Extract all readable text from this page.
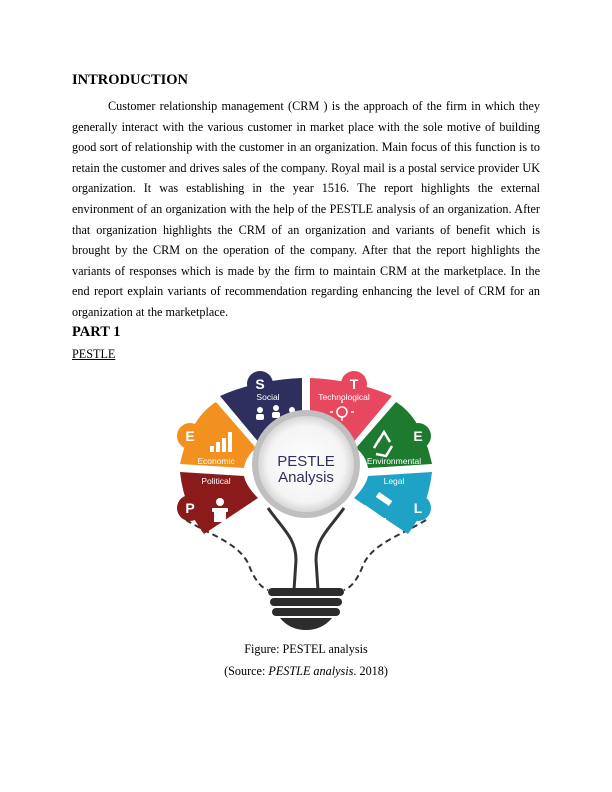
INTRODUCTION

Customer relationship management (CRM ) is the approach of the firm in which they generally interact with the various customer in market place with the sole motive of building good sort of relationship with the customer in an organization. Main focus of this function is to retain the customer and drives sales of the company. Royal mail is a postal service provider UK organization. It was establishing in the year 1516. The report highlights the external environment of an organization with the help of the PESTLE analysis of an organization. After that organization highlights the CRM of an organization and variants of benefit which is brought by the CRM on the operation of the company. After that the report highlights the variants of responses which is made by the firm to maintain CRM at the marketplace. In the end report explain variants of recommendation regarding enhancing the level of CRM for an organization at the marketplace.

PART 1

PESTLE

S	T
E
L
P
E
Social	Technological
Environmental
Legal
Political
Economic	PESTLE
Analysis
Figure: PESTEL analysis
(Source: PESTLE analysis. 2018)
